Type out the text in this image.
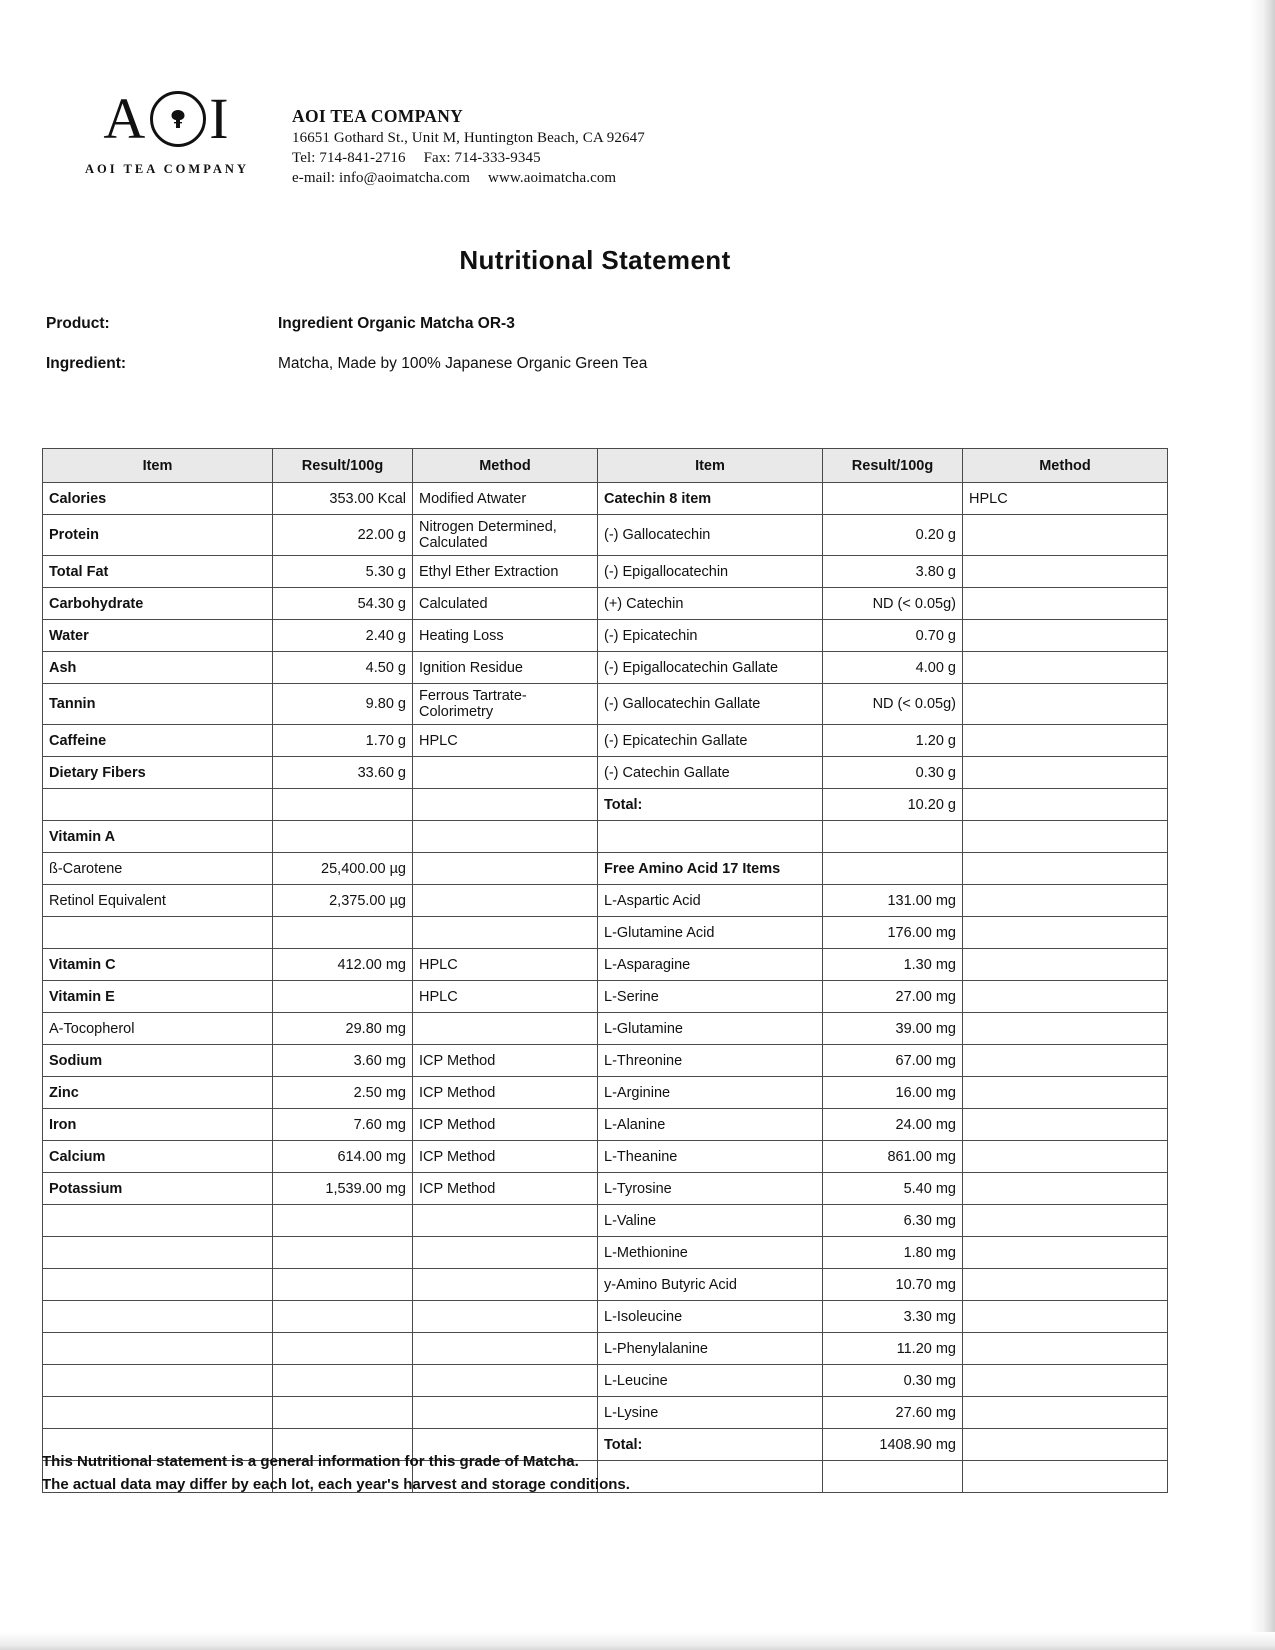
A I
AOI TEA COMPANY
AOI TEA COMPANY
16651 Gothard St., Unit M, Huntington Beach, CA 92647
Tel: 714-841-2716 Fax: 714-333-9345
e-mail: info@aoimatcha.com www.aoimatcha.com
Nutritional Statement
Product:	Ingredient Organic Matcha OR-3
Ingredient:	Matcha, Made by 100% Japanese Organic Green Tea
Item	Result/100g	Method	Item	Result/100g	Method
Calories	353.00 Kcal	Modified Atwater	Catechin 8 item		HPLC
Protein	22.00 g	Nitrogen Determined, Calculated	(-) Gallocatechin	0.20 g	
Total Fat	5.30 g	Ethyl Ether Extraction	(-) Epigallocatechin	3.80 g	
Carbohydrate	54.30 g	Calculated	(+) Catechin	ND (< 0.05g)	
Water	2.40 g	Heating Loss	(-) Epicatechin	0.70 g	
Ash	4.50 g	Ignition Residue	(-) Epigallocatechin Gallate	4.00 g	
Tannin	9.80 g	Ferrous Tartrate-Colorimetry	(-) Gallocatechin Gallate	ND (< 0.05g)	
Caffeine	1.70 g	HPLC	(-) Epicatechin Gallate	1.20 g	
Dietary Fibers	33.60 g		(-) Catechin Gallate	0.30 g	
			Total:	10.20 g	
Vitamin A					
ß-Carotene	25,400.00 µg		Free Amino Acid 17 Items		
Retinol Equivalent	2,375.00 µg		L-Aspartic Acid	131.00 mg	
			L-Glutamine Acid	176.00 mg	
Vitamin C	412.00 mg	HPLC	L-Asparagine	1.30 mg	
Vitamin E		HPLC	L-Serine	27.00 mg	
A-Tocopherol	29.80 mg		L-Glutamine	39.00 mg	
Sodium	3.60 mg	ICP Method	L-Threonine	67.00 mg	
Zinc	2.50 mg	ICP Method	L-Arginine	16.00 mg	
Iron	7.60 mg	ICP Method	L-Alanine	24.00 mg	
Calcium	614.00 mg	ICP Method	L-Theanine	861.00 mg	
Potassium	1,539.00 mg	ICP Method	L-Tyrosine	5.40 mg	
			L-Valine	6.30 mg	
			L-Methionine	1.80 mg	
			y-Amino Butyric Acid	10.70 mg	
			L-Isoleucine	3.30 mg	
			L-Phenylalanine	11.20 mg	
			L-Leucine	0.30 mg	
			L-Lysine	27.60 mg	
			Total:	1408.90 mg	

This Nutritional statement is a general information for this grade of Matcha.
The actual data may differ by each lot, each year's harvest and storage conditions.
